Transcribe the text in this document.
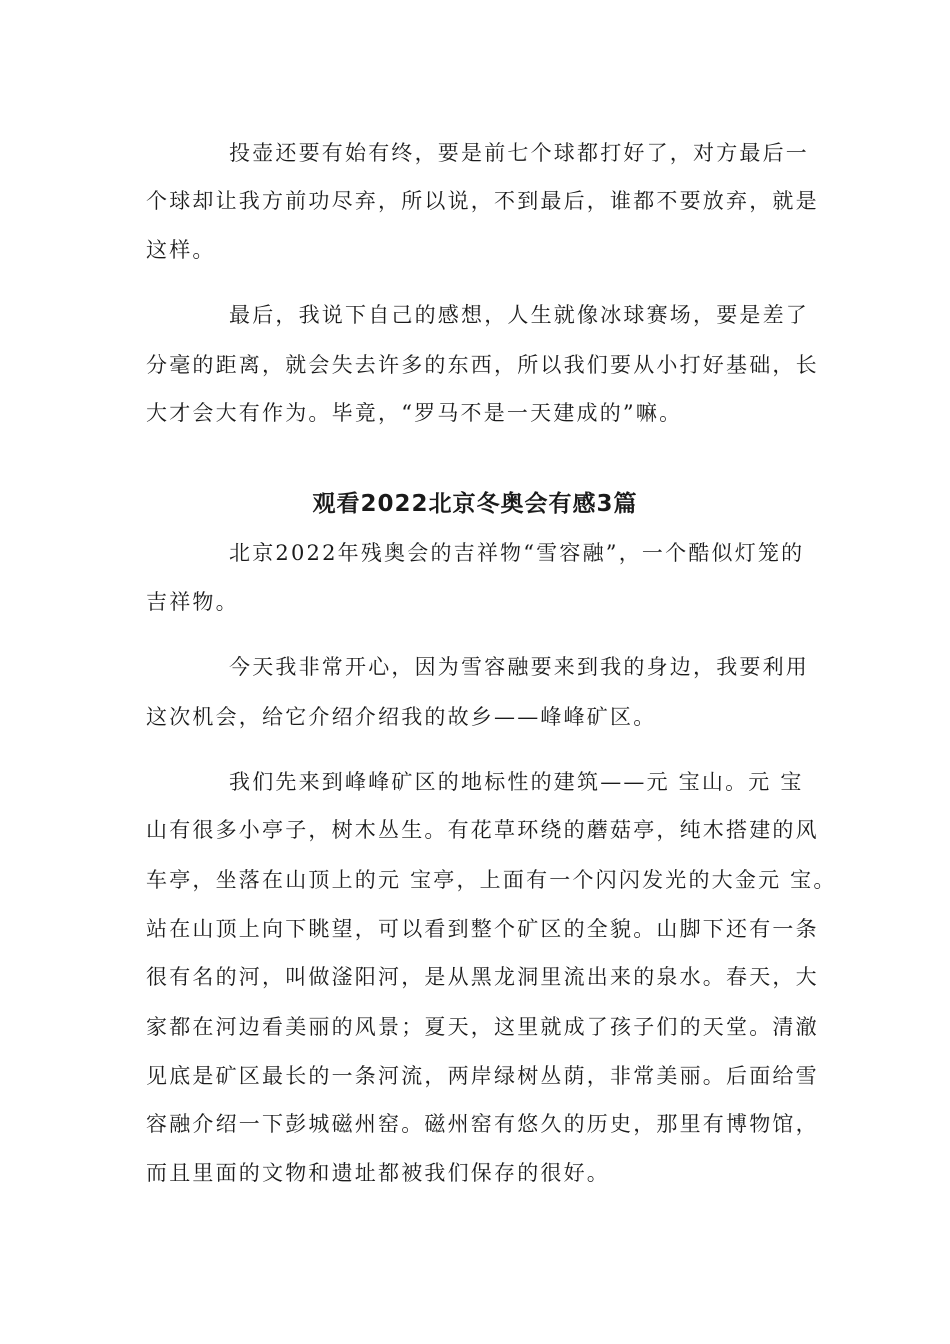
投壶还要有始有终，要是前七个球都打好了，对方最后一
个球却让我方前功尽弃，所以说，不到最后，谁都不要放弃，就是
这样。
最后，我说下自己的感想，人生就像冰球赛场，要是差了
分毫的距离，就会失去许多的东西，所以我们要从小打好基础，长
大才会大有作为。毕竟，“罗马不是一天建成的”嘛。
观看2022北京冬奥会有感3篇
北京2022年残奥会的吉祥物“雪容融”，一个酷似灯笼的
吉祥物。
今天我非常开心，因为雪容融要来到我的身边，我要利用
这次机会，给它介绍介绍我的故乡——峰峰矿区。
我们先来到峰峰矿区的地标性的建筑——元 宝山。元 宝
山有很多小亭子，树木丛生。有花草环绕的蘑菇亭，纯木搭建的风
车亭，坐落在山顶上的元 宝亭，上面有一个闪闪发光的大金元 宝。
站在山顶上向下眺望，可以看到整个矿区的全貌。山脚下还有一条
很有名的河，叫做滏阳河，是从黑龙洞里流出来的泉水。春天，大
家都在河边看美丽的风景；夏天，这里就成了孩子们的天堂。清澈
见底是矿区最长的一条河流，两岸绿树丛荫，非常美丽。后面给雪
容融介绍一下彭城磁州窑。磁州窑有悠久的历史，那里有博物馆，
而且里面的文物和遗址都被我们保存的很好。
